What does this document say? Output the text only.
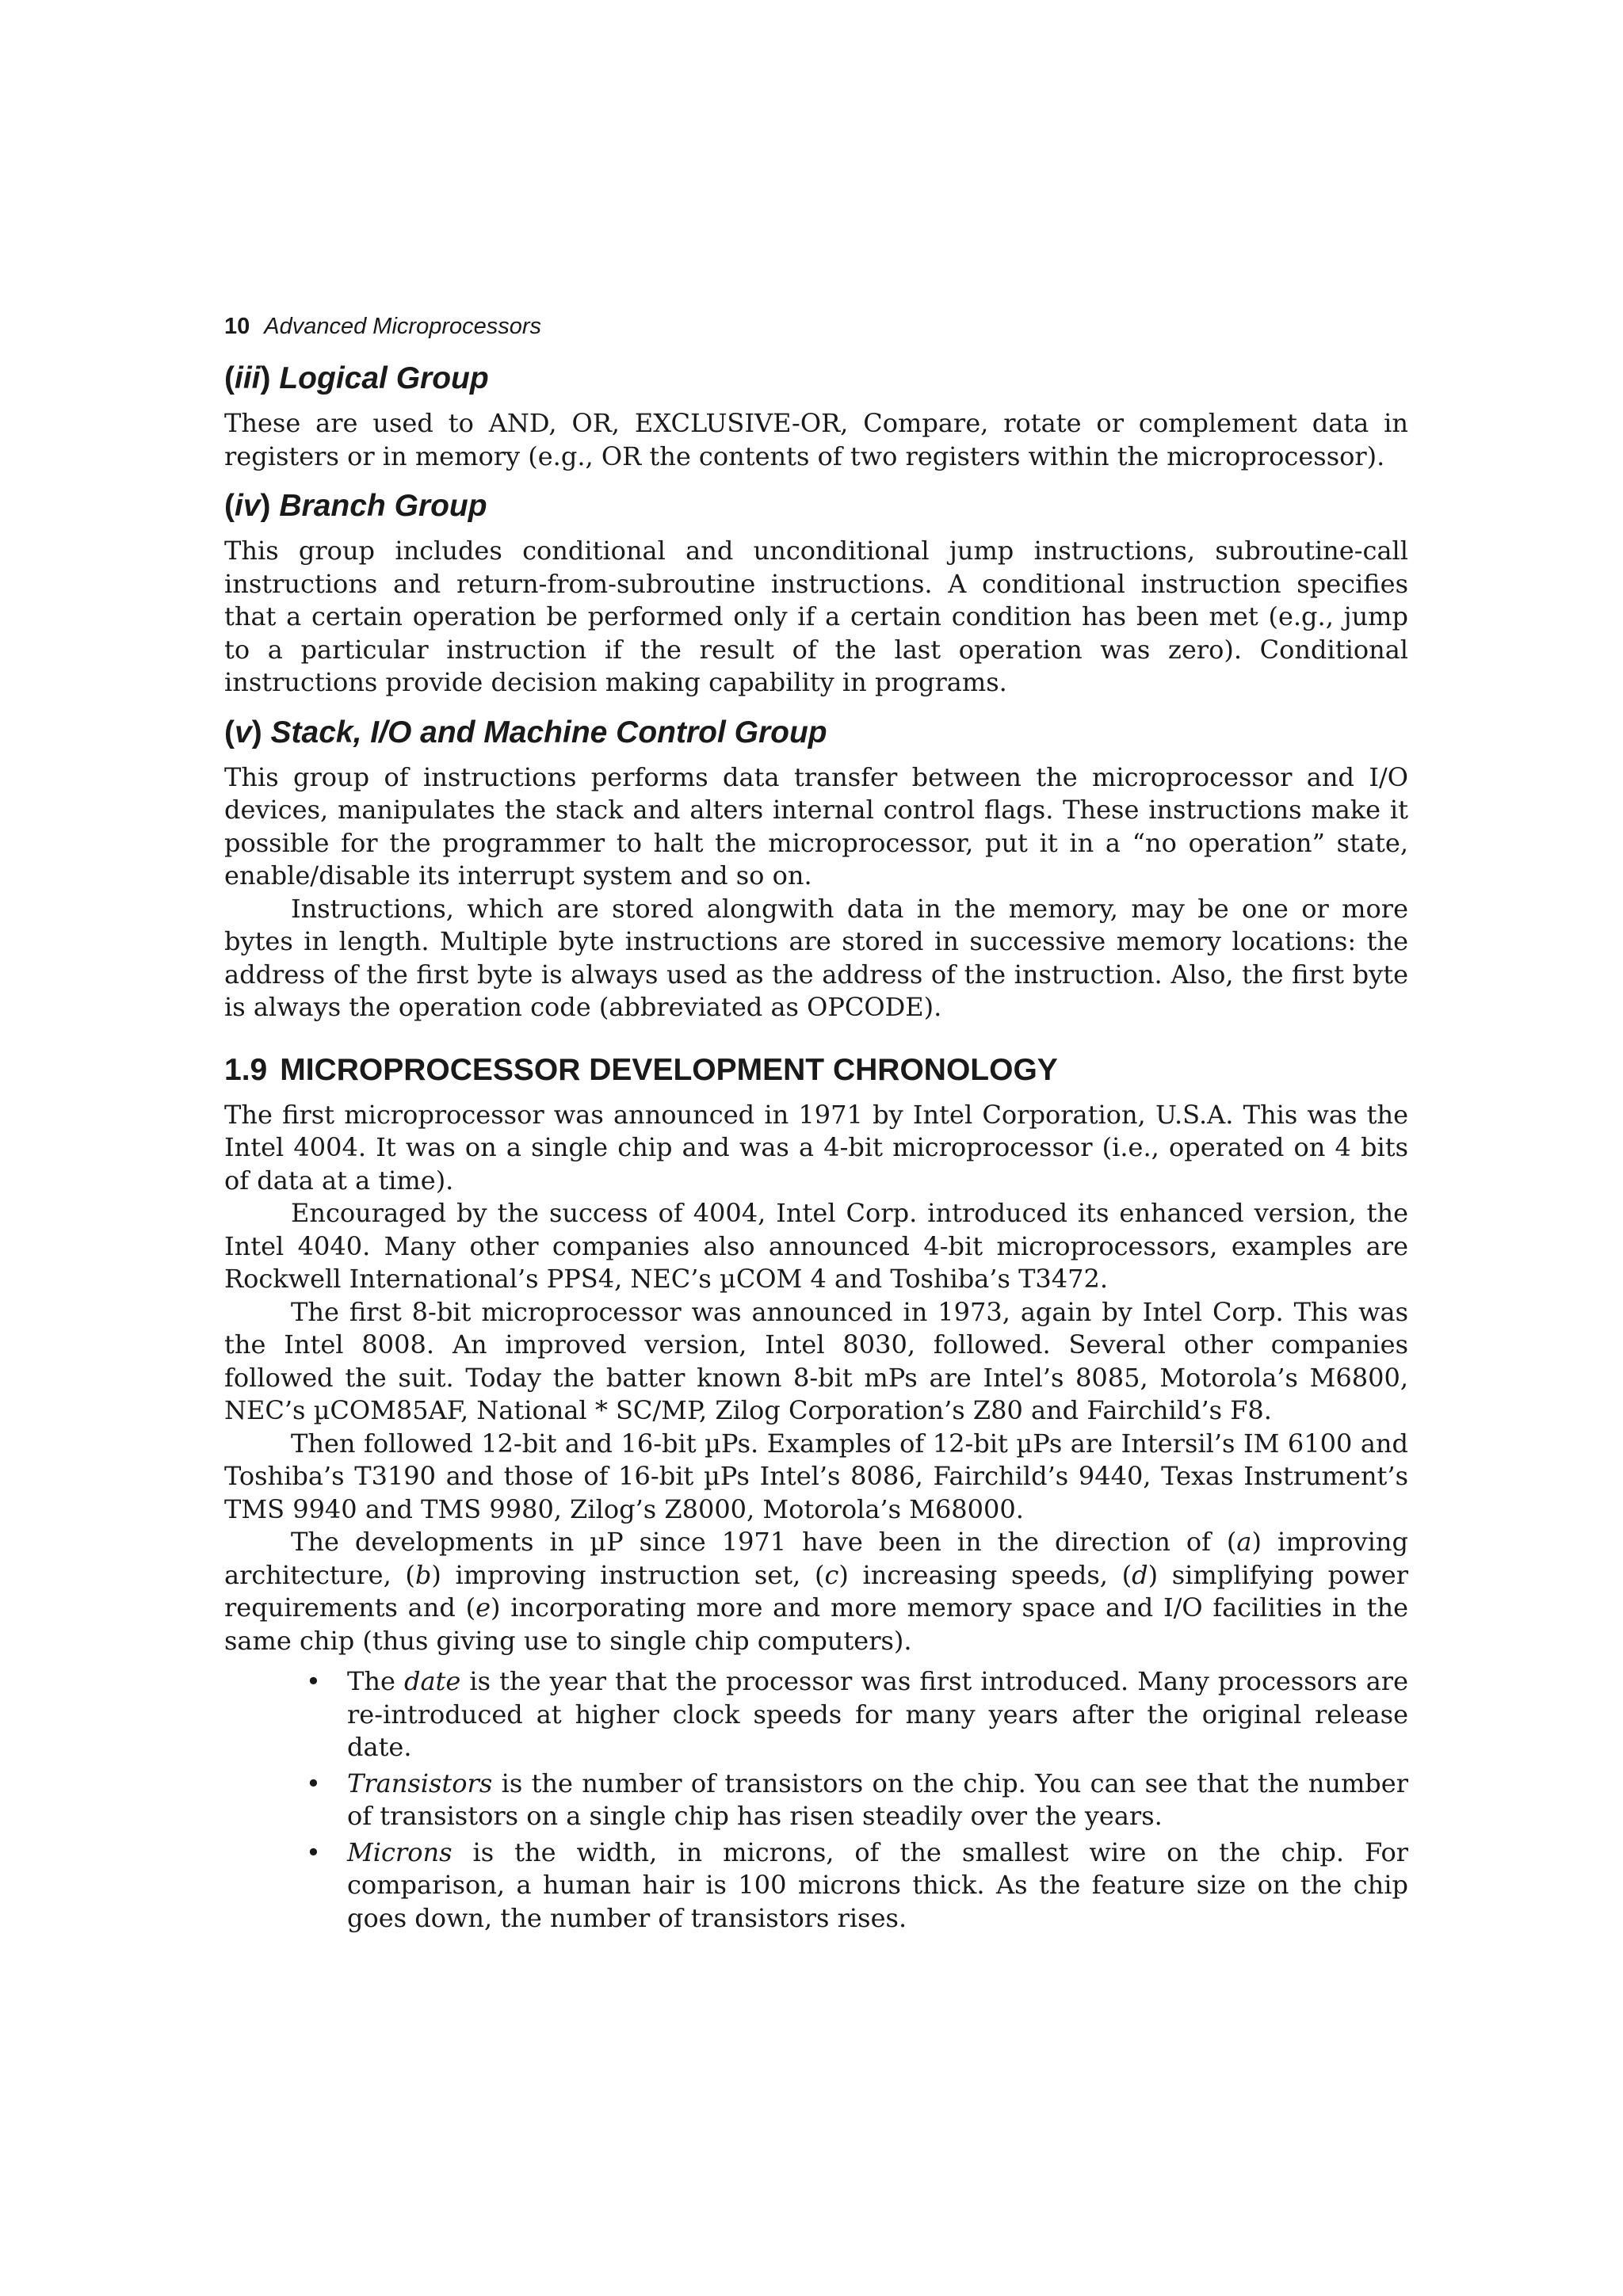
10 Advanced Microprocessors
(iii) Logical Group

These are used to AND, OR, EXCLUSIVE-OR, Compare, rotate or complement data in registers or in memory (e.g., OR the contents of two registers within the microprocessor).

(iv) Branch Group

This group includes conditional and unconditional jump instructions, subroutine-call instructions and return-from-subroutine instructions. A conditional instruction specifies that a certain operation be performed only if a certain condition has been met (e.g., jump to a particular instruction if the result of the last operation was zero). Conditional instructions provide decision making capability in programs.

(v) Stack, I/O and Machine Control Group

This group of instructions performs data transfer between the microprocessor and I/O devices, manipulates the stack and alters internal control flags. These instructions make it possible for the programmer to halt the microprocessor, put it in a “no operation” state, enable/disable its interrupt system and so on.

Instructions, which are stored alongwith data in the memory, may be one or more bytes in length. Multiple byte instructions are stored in successive memory locations: the address of the first byte is always used as the address of the instruction. Also, the first byte is always the operation code (abbreviated as OPCODE).

1.9 MICROPROCESSOR DEVELOPMENT CHRONOLOGY

The first microprocessor was announced in 1971 by Intel Corporation, U.S.A. This was the Intel 4004. It was on a single chip and was a 4-bit microprocessor (i.e., operated on 4 bits of data at a time).

Encouraged by the success of 4004, Intel Corp. introduced its enhanced version, the Intel 4040. Many other companies also announced 4-bit microprocessors, examples are Rockwell International’s PPS4, NEC’s µCOM 4 and Toshiba’s T3472.

The first 8-bit microprocessor was announced in 1973, again by Intel Corp. This was the Intel 8008. An improved version, Intel 8030, followed. Several other companies followed the suit. Today the batter known 8-bit mPs are Intel’s 8085, Motorola’s M6800, NEC’s µCOM85AF, National * SC/MP, Zilog Corporation’s Z80 and Fairchild’s F8.

Then followed 12-bit and 16-bit µPs. Examples of 12-bit µPs are Intersil’s IM 6100 and Toshiba’s T3190 and those of 16-bit µPs Intel’s 8086, Fairchild’s 9440, Texas Instrument’s TMS 9940 and TMS 9980, Zilog’s Z8000, Motorola’s M68000.

The developments in µP since 1971 have been in the direction of (a) improving architecture, (b) improving instruction set, (c) increasing speeds, (d) simplifying power requirements and (e) incorporating more and more memory space and I/O facilities in the same chip (thus giving use to single chip computers).

• The date is the year that the processor was first introduced. Many processors are re-introduced at higher clock speeds for many years after the original release date.
• Transistors is the number of transistors on the chip. You can see that the number of transistors on a single chip has risen steadily over the years.
• Microns is the width, in microns, of the smallest wire on the chip. For comparison, a human hair is 100 microns thick. As the feature size on the chip goes down, the number of transistors rises.
